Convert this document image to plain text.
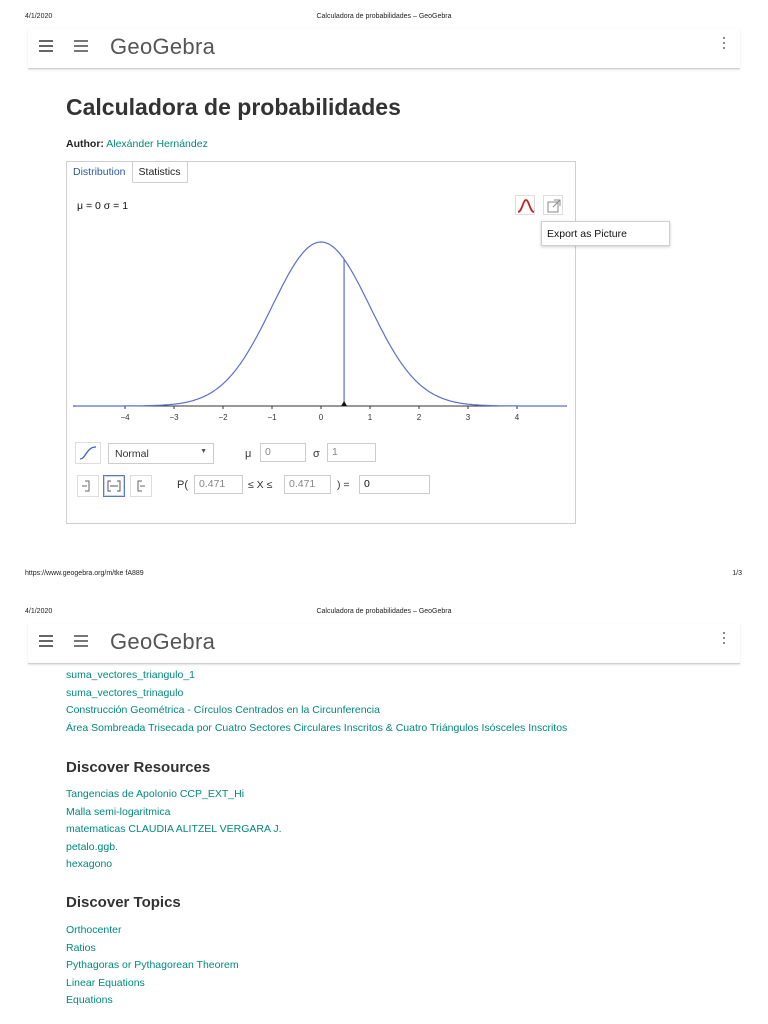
4/1/2020	Calculadora de probabilidades – GeoGebra
GeoGebra
Calculadora de probabilidades
Author: Alexánder Hernández
Distribution	Statistics
μ = 0 σ = 1
Export as Picture
−4	−3	−2	−1	0	1	2	3	4
Normal	▼	μ	0	σ	1
P(	0.471	≤ X ≤	0.471	) =	0
https://www.geogebra.org/m/tke fA889	1/3
4/1/2020	Calculadora de probabilidades – GeoGebra
GeoGebra
suma_vectores_triangulo_1
suma_vectores_trinagulo
Construcción Geométrica - Círculos Centrados en la Circunferencia
Área Sombreada Trisecada por Cuatro Sectores Circulares Inscritos & Cuatro Triángulos Isósceles Inscritos
Discover Resources
Tangencias de Apolonio CCP_EXT_Hi
Malla semi-logaritmica
matematicas CLAUDIA ALITZEL VERGARA J.
petalo.ggb.
hexagono
Discover Topics
Orthocenter
Ratios
Pythagoras or Pythagorean Theorem
Linear Equations
Equations
